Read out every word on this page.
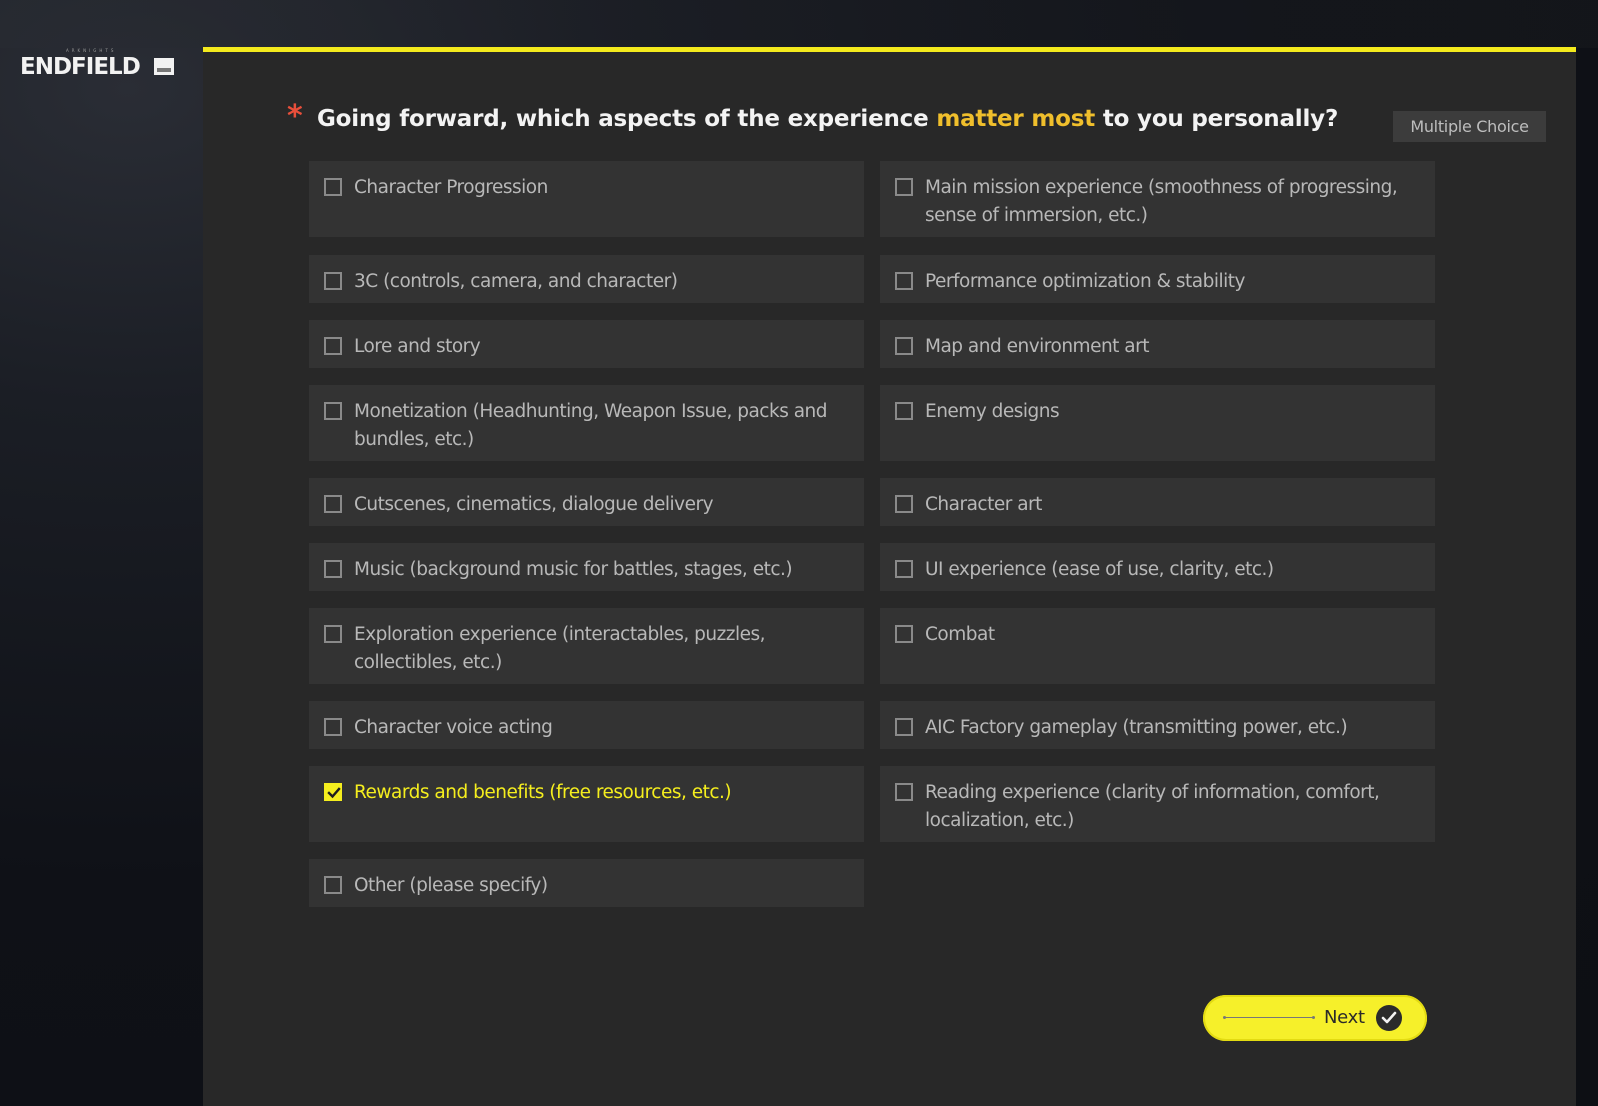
ARKNIGHTS
ENDFIELD
* Going forward, which aspects of the experience matter most to you personally?	Multiple Choice
Character Progression	Main mission experience (smoothness of progressing, sense of immersion, etc.)
3C (controls, camera, and character)	Performance optimization & stability
Lore and story	Map and environment art
Monetization (Headhunting, Weapon Issue, packs and bundles, etc.)
Enemy designs
Cutscenes, cinematics, dialogue delivery	Character art
Music (background music for battles, stages, etc.)	UI experience (ease of use, clarity, etc.)
Exploration experience (interactables, puzzles, collectibles, etc.)
Combat
Character voice acting	AIC Factory gameplay (transmitting power, etc.)
Rewards and benefits (free resources, etc.)	Reading experience (clarity of information, comfort, localization, etc.)
Other (please specify)
Next
